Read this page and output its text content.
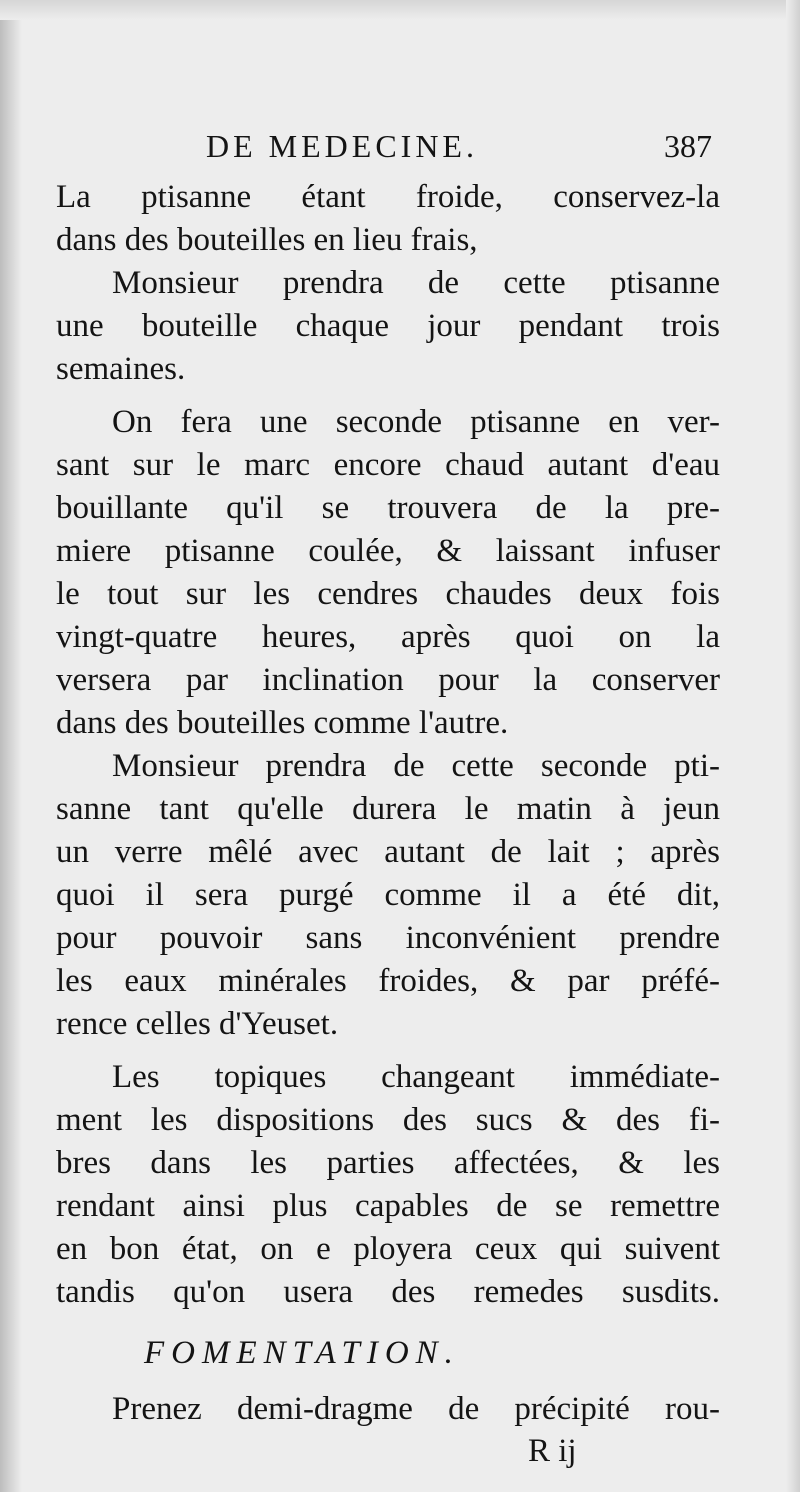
DE MEDECINE.	387
La ptisanne étant froide, conservez-la
dans des bouteilles en lieu frais,
Monsieur prendra de cette ptisanne
une bouteille chaque jour pendant trois
semaines.
On fera une seconde ptisanne en ver-
sant sur le marc encore chaud autant d'eau
bouillante qu'il se trouvera de la pre-
miere ptisanne coulée, & laissant infuser
le tout sur les cendres chaudes deux fois
vingt-quatre heures, après quoi on la
versera par inclination pour la conserver
dans des bouteilles comme l'autre.
Monsieur prendra de cette seconde pti-
sanne tant qu'elle durera le matin à jeun
un verre mêlé avec autant de lait ; après
quoi il sera purgé comme il a été dit,
pour pouvoir sans inconvénient prendre
les eaux minérales froides, & par préfé-
rence celles d'Yeuset.
Les topiques changeant immédiate-
ment les dispositions des sucs & des fi-
bres dans les parties affectées, & les
rendant ainsi plus capables de se remettre
en bon état, on e ployera ceux qui suivent
tandis qu'on usera des remedes susdits.
FOMENTATION.
Prenez demi-dragme de précipité rou-
R ij
